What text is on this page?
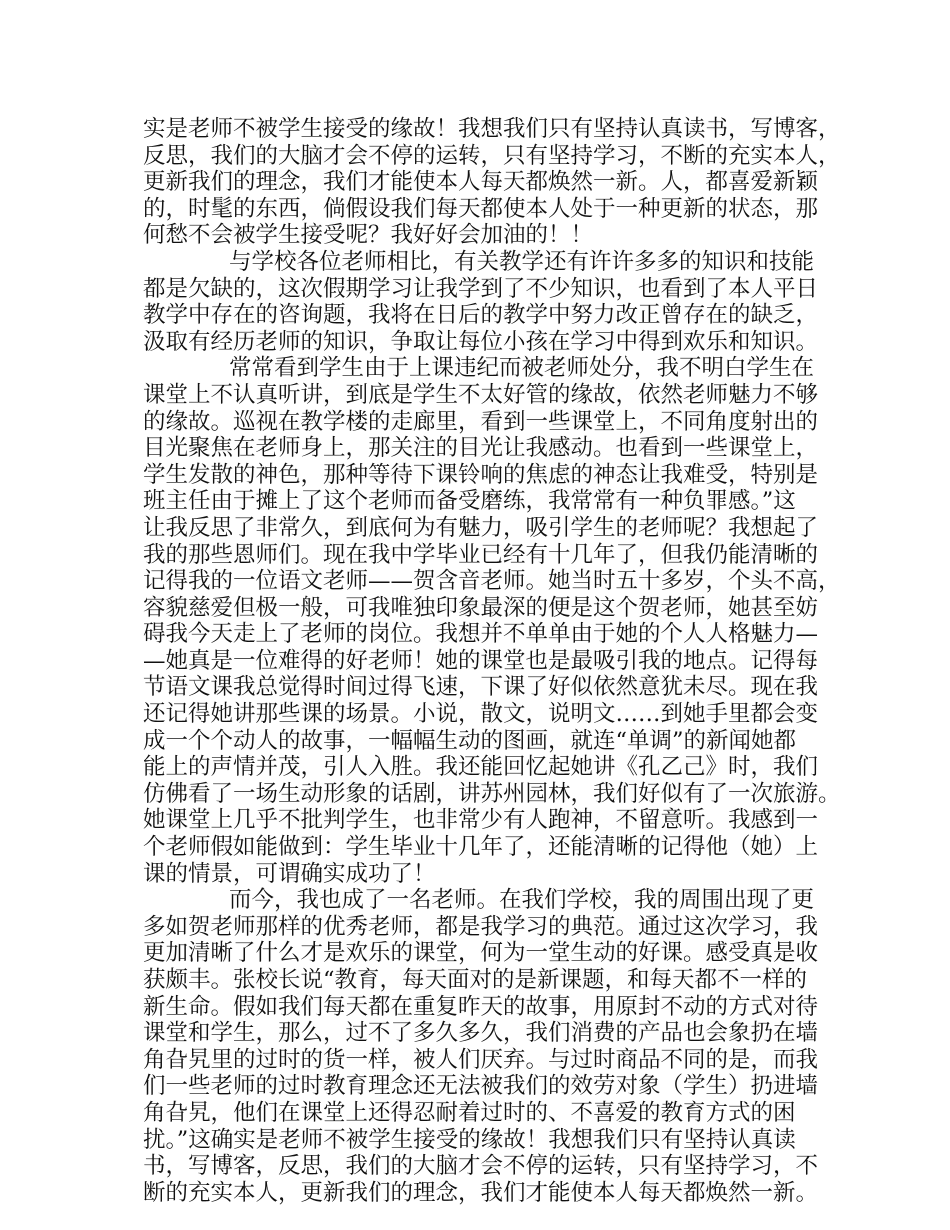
实是老师不被学生接受的缘故！我想我们只有坚持认真读书，写博客，
反思，我们的大脑才会不停的运转，只有坚持学习，不断的充实本人，
更新我们的理念，我们才能使本人每天都焕然一新。人，都喜爱新颖
的，时髦的东西，倘假设我们每天都使本人处于一种更新的状态，那
何愁不会被学生接受呢？我好好会加油的！！
与学校各位老师相比，有关教学还有许许多多的知识和技能
都是欠缺的，这次假期学习让我学到了不少知识，也看到了本人平日
教学中存在的咨询题，我将在日后的教学中努力改正曾存在的缺乏，
汲取有经历老师的知识，争取让每位小孩在学习中得到欢乐和知识。
常常看到学生由于上课违纪而被老师处分，我不明白学生在
课堂上不认真听讲，到底是学生不太好管的缘故，依然老师魅力不够
的缘故。巡视在教学楼的走廊里，看到一些课堂上，不同角度射出的
目光聚焦在老师身上，那关注的目光让我感动。也看到一些课堂上，
学生发散的神色，那种等待下课铃响的焦虑的神态让我难受，特别是
班主任由于摊上了这个老师而备受磨练，我常常有一种负罪感。”这
让我反思了非常久，到底何为有魅力，吸引学生的老师呢？我想起了
我的那些恩师们。现在我中学毕业已经有十几年了，但我仍能清晰的
记得我的一位语文老师——贺含音老师。她当时五十多岁，个头不高，
容貌慈爱但极一般，可我唯独印象最深的便是这个贺老师，她甚至妨
碍我今天走上了老师的岗位。我想并不单单由于她的个人人格魅力—
—她真是一位难得的好老师！她的课堂也是最吸引我的地点。记得每
节语文课我总觉得时间过得飞速，下课了好似依然意犹未尽。现在我
还记得她讲那些课的场景。小说，散文，说明文……到她手里都会变
成一个个动人的故事，一幅幅生动的图画，就连“单调”的新闻她都
能上的声情并茂，引人入胜。我还能回忆起她讲《孔乙己》时，我们
仿佛看了一场生动形象的话剧，讲苏州园林，我们好似有了一次旅游。
她课堂上几乎不批判学生，也非常少有人跑神，不留意听。我感到一
个老师假如能做到：学生毕业十几年了，还能清晰的记得他（她）上
课的情景，可谓确实成功了！
而今，我也成了一名老师。在我们学校，我的周围出现了更
多如贺老师那样的优秀老师，都是我学习的典范。通过这次学习，我
更加清晰了什么才是欢乐的课堂，何为一堂生动的好课。感受真是收
获颇丰。张校长说“教育，每天面对的是新课题，和每天都不一样的
新生命。假如我们每天都在重复昨天的故事，用原封不动的方式对待
课堂和学生，那么，过不了多久多久，我们消费的产品也会象扔在墙
角旮旯里的过时的货一样，被人们厌弃。与过时商品不同的是，而我
们一些老师的过时教育理念还无法被我们的效劳对象（学生）扔进墙
角旮旯，他们在课堂上还得忍耐着过时的、不喜爱的教育方式的困
扰。”这确实是老师不被学生接受的缘故！我想我们只有坚持认真读
书，写博客，反思，我们的大脑才会不停的运转，只有坚持学习，不
断的充实本人，更新我们的理念，我们才能使本人每天都焕然一新。
